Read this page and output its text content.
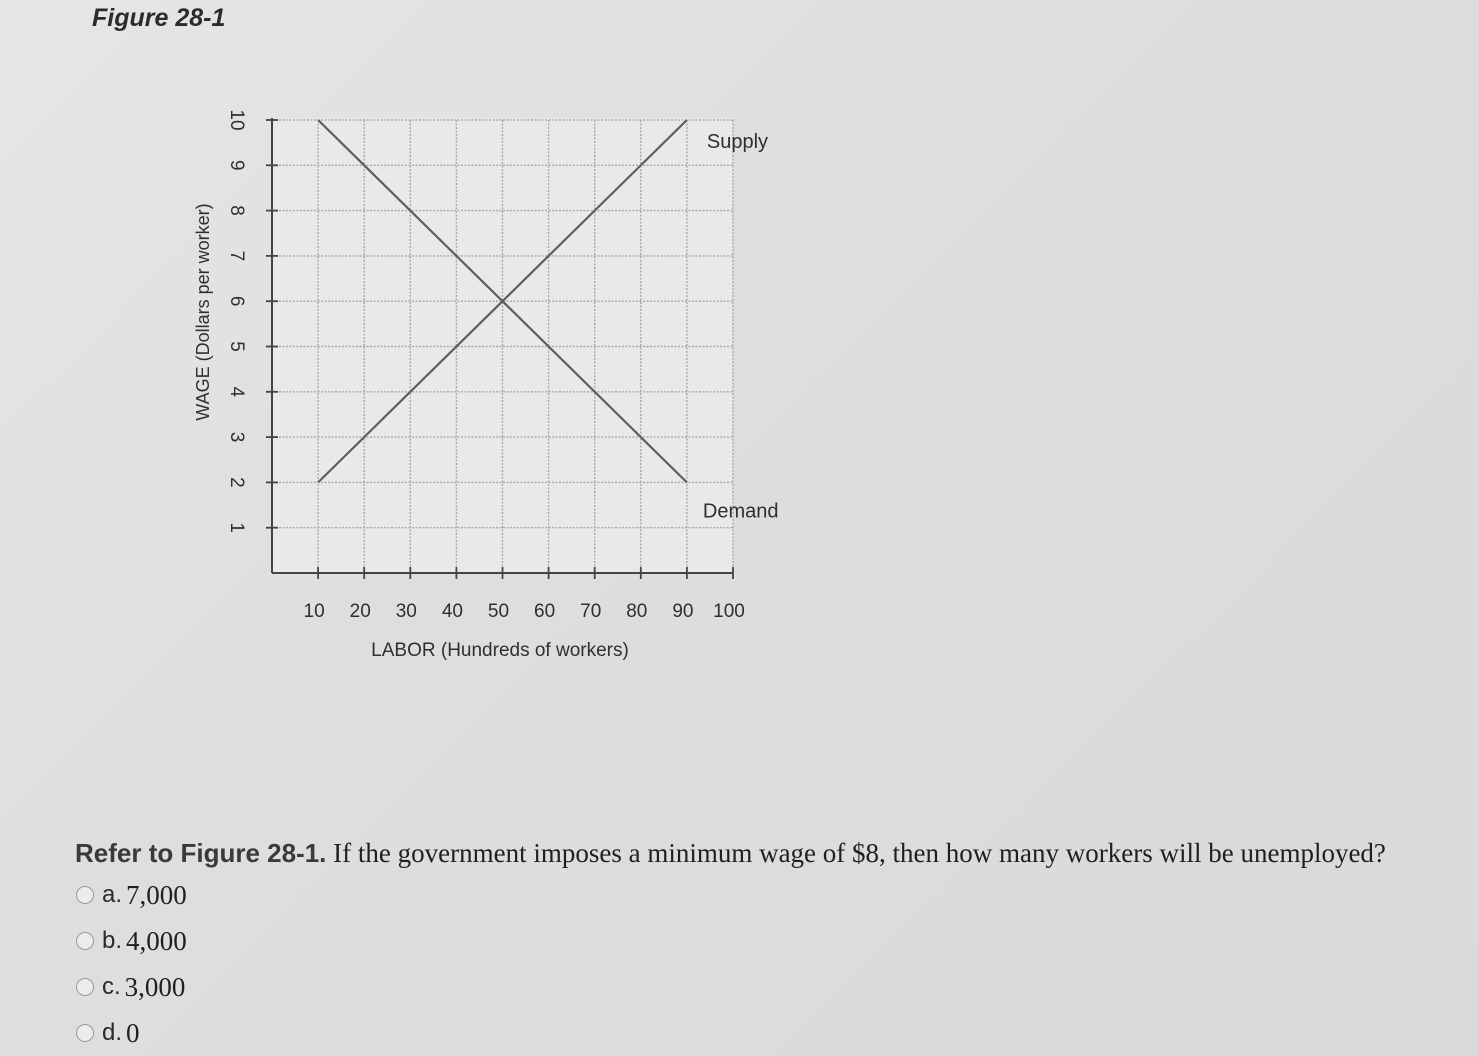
Figure 28-1
Supply
Demand
10 20 30 40 50 60 70 80 90 100
1
2
3
4
5
6
7
8
9
10
LABOR (Hundreds of workers)
WAGE (Dollars per worker)
Refer to Figure 28-1. If the government imposes a minimum wage of $8, then how many workers will be unemployed?
a. 7,000
b. 4,000
c. 3,000
d. 0
